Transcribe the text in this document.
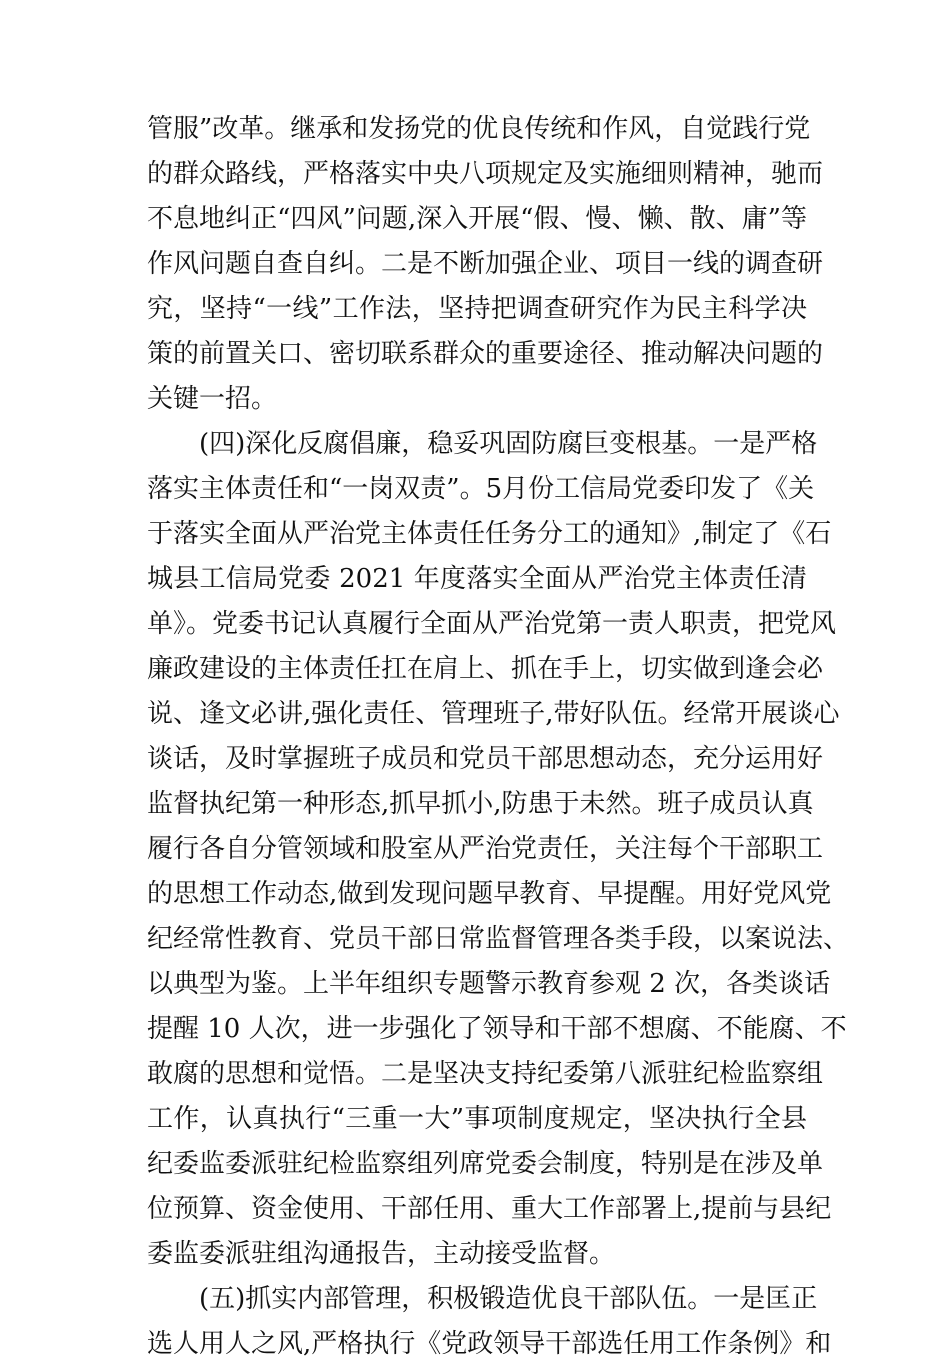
管服”改革。继承和发扬党的优良传统和作风，自觉践行党
的群众路线，严格落实中央八项规定及实施细则精神，驰而
不息地纠正“四风”问题,深入开展“假、慢、懒、散、庸”等
作风问题自查自纠。二是不断加强企业、项目一线的调查研
究，坚持“一线”工作法，坚持把调查研究作为民主科学决
策的前置关口、密切联系群众的重要途径、推动解决问题的
关键一招。
(四)深化反腐倡廉，稳妥巩固防腐巨变根基。一是严格
落实主体责任和“一岗双责”。5月份工信局党委印发了《关
于落实全面从严治党主体责任任务分工的通知》,制定了《石
城县工信局党委 2021 年度落实全面从严治党主体责任清
单》。党委书记认真履行全面从严治党第一责人职责，把党风
廉政建设的主体责任扛在肩上、抓在手上，切实做到逢会必
说、逢文必讲,强化责任、管理班子,带好队伍。经常开展谈心
谈话，及时掌握班子成员和党员干部思想动态，充分运用好
监督执纪第一种形态,抓早抓小,防患于未然。班子成员认真
履行各自分管领域和股室从严治党责任，关注每个干部职工
的思想工作动态,做到发现问题早教育、早提醒。用好党风党
纪经常性教育、党员干部日常监督管理各类手段，以案说法、
以典型为鉴。上半年组织专题警示教育参观 2 次，各类谈话
提醒 10 人次，进一步强化了领导和干部不想腐、不能腐、不
敢腐的思想和觉悟。二是坚决支持纪委第八派驻纪检监察组
工作，认真执行“三重一大”事项制度规定，坚决执行全县
纪委监委派驻纪检监察组列席党委会制度，特别是在涉及单
位预算、资金使用、干部任用、重大工作部署上,提前与县纪
委监委派驻组沟通报告，主动接受监督。
(五)抓实内部管理，积极锻造优良干部队伍。一是匡正
选人用人之风,严格执行《党政领导干部选任用工作条例》和
